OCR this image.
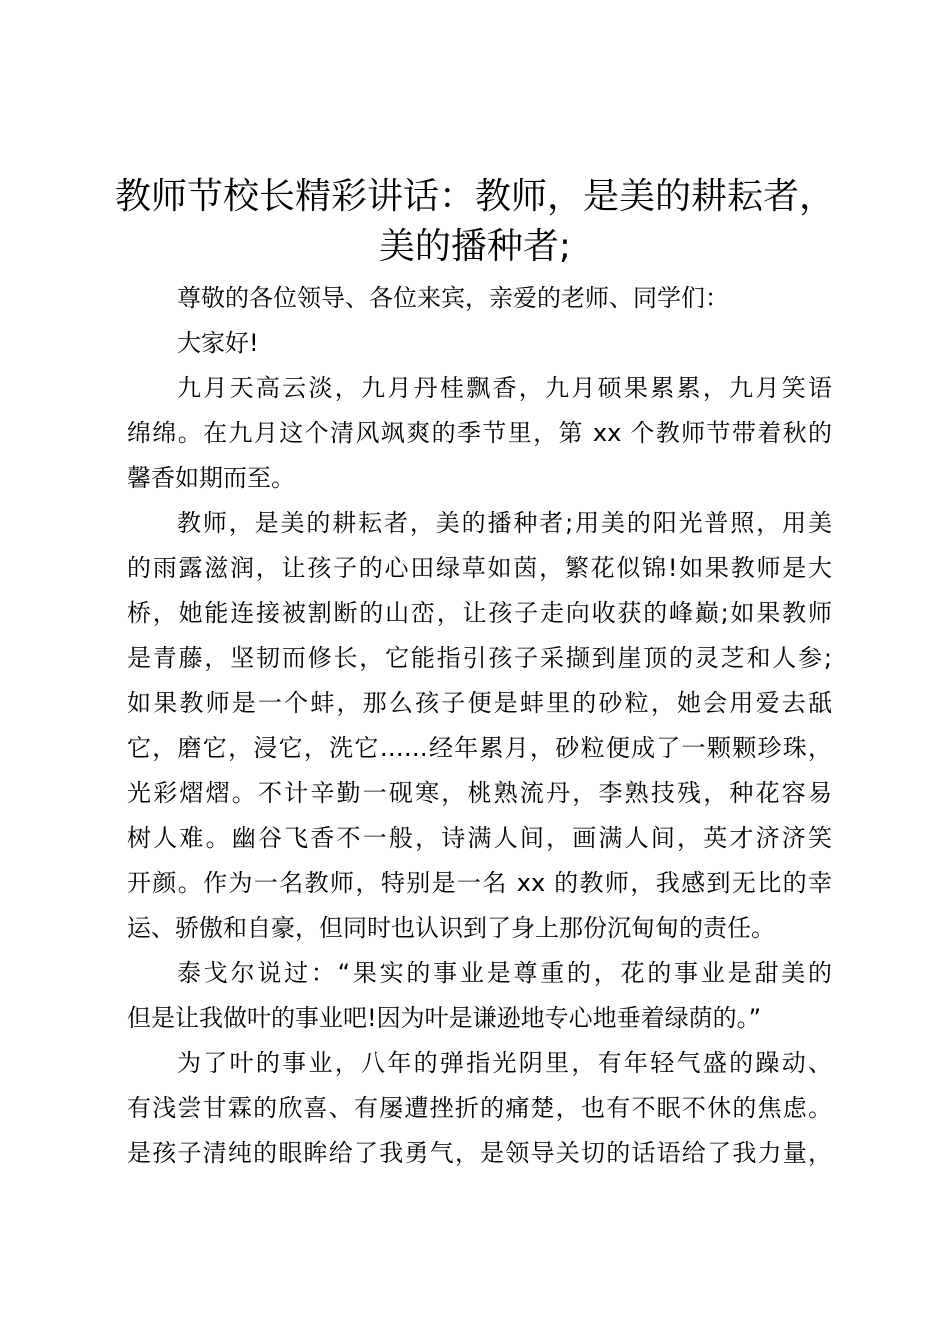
教师节校长精彩讲话：教师，是美的耕耘者，
美的播种者;
尊敬的各位领导、各位来宾，亲爱的老师、同学们：
大家好!
九月天高云淡，九月丹桂飘香，九月硕果累累，九月笑语
绵绵。在九月这个清风飒爽的季节里，第 xx 个教师节带着秋的
馨香如期而至。
教师，是美的耕耘者，美的播种者;用美的阳光普照，用美
的雨露滋润，让孩子的心田绿草如茵，繁花似锦!如果教师是大
桥，她能连接被割断的山峦，让孩子走向收获的峰巅;如果教师
是青藤，坚韧而修长，它能指引孩子采撷到崖顶的灵芝和人参;
如果教师是一个蚌，那么孩子便是蚌里的砂粒，她会用爱去舐
它，磨它，浸它，洗它……经年累月，砂粒便成了一颗颗珍珠，
光彩熠熠。不计辛勤一砚寒，桃熟流丹，李熟技残，种花容易
树人难。幽谷飞香不一般，诗满人间，画满人间，英才济济笑
开颜。作为一名教师，特别是一名 xx 的教师，我感到无比的幸
运、骄傲和自豪，但同时也认识到了身上那份沉甸甸的责任。
泰戈尔说过：“果实的事业是尊重的，花的事业是甜美的
但是让我做叶的事业吧!因为叶是谦逊地专心地垂着绿荫的。”
为了叶的事业，八年的弹指光阴里，有年轻气盛的躁动、
有浅尝甘霖的欣喜、有屡遭挫折的痛楚，也有不眠不休的焦虑。
是孩子清纯的眼眸给了我勇气，是领导关切的话语给了我力量，
